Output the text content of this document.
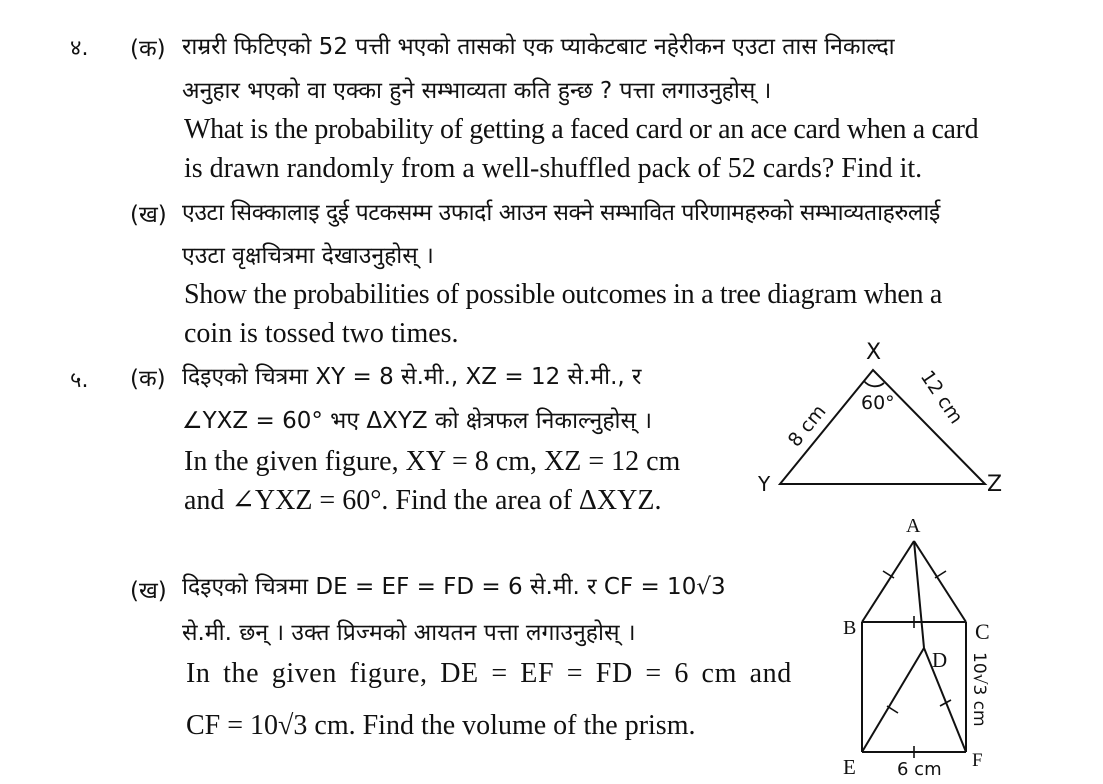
४. (क) राम्ररी फिटिएको 52 पत्ती भएको तासको एक प्याकेटबाट नहेरीकन एउटा तास निकाल्दा
अनुहार भएको वा एक्का हुने सम्भाव्यता कति हुन्छ ? पत्ता लगाउनुहोस् ।
What is the probability of getting a faced card or an ace card when a card
is drawn randomly from a well-shuffled pack of 52 cards? Find it.
(ख) एउटा सिक्कालाइ दुई पटकसम्म उफार्दा आउन सक्ने सम्भावित परिणामहरुको सम्भाव्यताहरुलाई
एउटा वृक्षचित्रमा देखाउनुहोस् ।
Show the probabilities of possible outcomes in a tree diagram when a
coin is tossed two times.
५. (क) दिइएको चित्रमा XY = 8 से.मी., XZ = 12 से.मी., र
∠YXZ = 60° भए ΔXYZ को क्षेत्रफल निकाल्नुहोस् ।
In the given figure, XY = 8 cm, XZ = 12 cm
and ∠YXZ = 60°. Find the area of ΔXYZ.
(ख) दिइएको चित्रमा DE = EF = FD = 6 से.मी. र CF = 10√3
से.मी. छन् । उक्त प्रिज्मको आयतन पत्ता लगाउनुहोस् ।
In the given figure, DE = EF = FD = 6 cm and
CF = 10√3 cm. Find the volume of the prism.
X
Y	Z
60°
8 cm	12 cm
A
B	C
D
E	F
6 cm
10√3 cm
